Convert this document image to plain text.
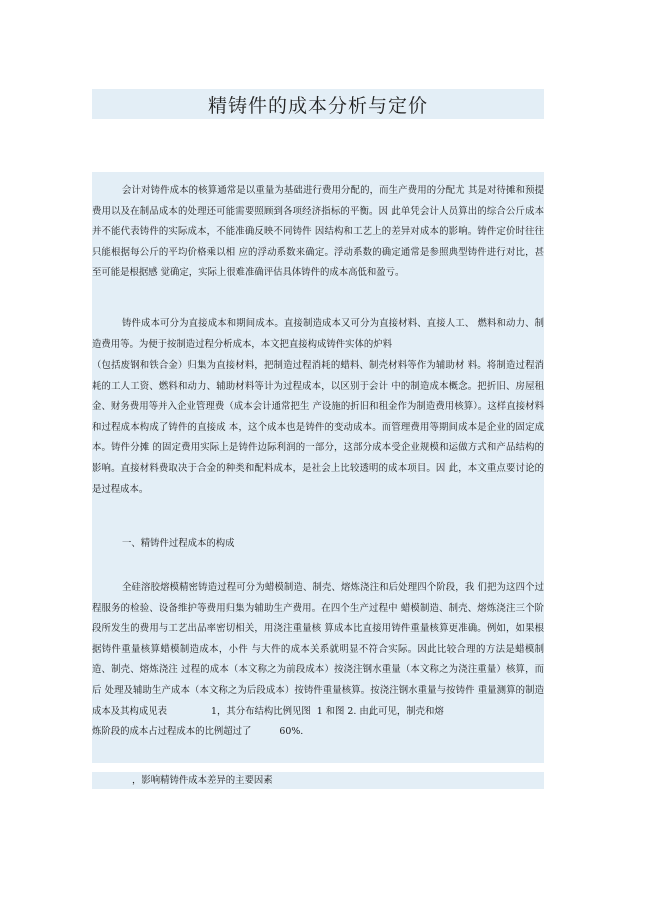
精铸件的成本分析与定价

会计对铸件成本的核算通常是以重量为基础进行费用分配的，而生产费用的分配尤 其是对待摊和预提费用以及在制品成本的处理还可能需要照顾到各项经济指标的平衡。因 此单凭会计人员算出的综合公斤成本并不能代表铸件的实际成本，不能准确反映不同铸件 因结构和工艺上的差异对成本的影响。铸件定价时往往只能根据每公斤的平均价格乘以相 应的浮动系数来确定。浮动系数的确定通常是参照典型铸件进行对比，甚至可能是根据感 觉确定，实际上很难准确评估具体铸件的成本高低和盈亏。

铸件成本可分为直接成本和期间成本。直接制造成本又可分为直接材料、直接人工、 燃料和动力、制造费用等。为便于按制造过程分析成本，本文把直接构成铸件实体的炉料

（包括废钢和铁合金）归集为直接材料，把制造过程消耗的蜡料、制壳材料等作为辅助材 料。将制造过程消耗的工人工资、燃料和动力、辅助材料等计为过程成本，以区别于会计 中的制造成本概念。把折旧、房屋租金、财务费用等并入企业管理费（成本会计通常把生 产设施的折旧和租金作为制造费用核算）。这样直接材料和过程成本构成了铸件的直接成 本，这个成本也是铸件的变动成本。而管理费用等期间成本是企业的固定成本。铸件分摊 的固定费用实际上是铸件边际利润的一部分，这部分成本受企业规模和运做方式和产品结构的影响。直接材料费取决于合金的种类和配料成本，是社会上比较透明的成本项目。因 此，本文重点要讨论的是过程成本。

一、精铸件过程成本的构成

全硅溶胶熔模精密铸造过程可分为蜡模制造、制壳、熔炼浇注和后处理四个阶段，我 们把为这四个过程服务的检验、设备维护等费用归集为辅助生产费用。在四个生产过程中 蜡模制造、制壳、熔炼浇注三个阶段所发生的费用与工艺出品率密切相关，用浇注重量核 算成本比直接用铸件重量核算更准确。例如，如果根据铸件重量核算蜡模制造成本，小件 与大件的成本关系就明显不符合实际。因此比较合理的方法是蜡模制造、制壳、熔炼浇注 过程的成本（本文称之为前段成本）按浇注钢水重量（本文称之为浇注重量）核算，而后 处理及辅助生产成本（本文称之为后段成本）按铸件重量核算。按浇注钢水重量与按铸件 重量测算的制造成本及其构成见表	1，其分布结构比例见图 1 和图 2. 由此可见，制壳和熔

炼阶段的成本占过程成本的比例超过了	60%.

，影响精铸件成本差异的主要因素
